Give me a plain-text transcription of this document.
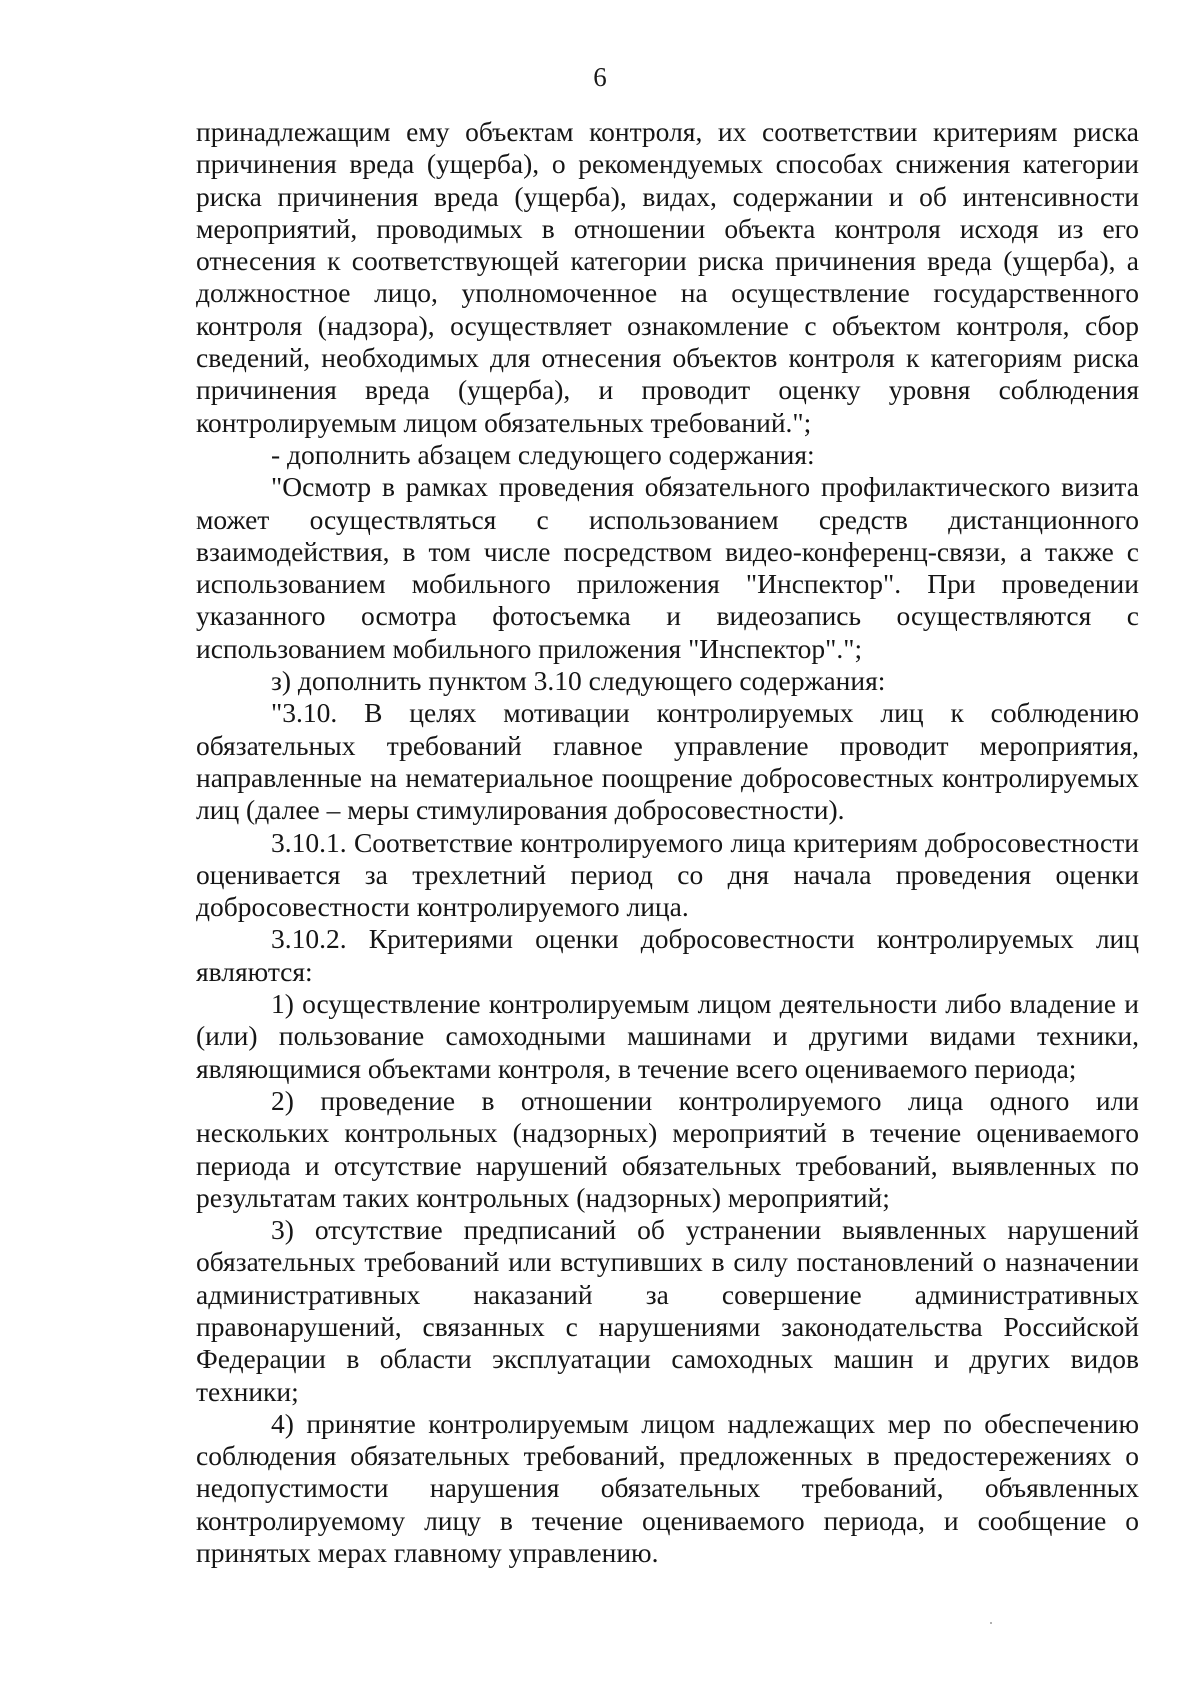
6

принадлежащим ему объектам контроля, их соответствии критериям риска причинения вреда (ущерба), о рекомендуемых способах снижения категории риска причинения вреда (ущерба), видах, содержании и об интенсивности мероприятий, проводимых в отношении объекта контроля исходя из его отнесения к соответствующей категории риска причинения вреда (ущерба), а должностное лицо, уполномоченное на осуществление государственного контроля (надзора), осуществляет ознакомление с объектом контроля, сбор сведений, необходимых для отнесения объектов контроля к категориям риска причинения вреда (ущерба), и проводит оценку уровня соблюдения контролируемым лицом обязательных требований.";

- дополнить абзацем следующего содержания:

"Осмотр в рамках проведения обязательного профилактического визита может осуществляться с использованием средств дистанционного взаимодействия, в том числе посредством видео-конференц-связи, а также с использованием мобильного приложения "Инспектор". При проведении указанного осмотра фотосъемка и видеозапись осуществляются с использованием мобильного приложения "Инспектор".";

з) дополнить пунктом 3.10 следующего содержания:

"3.10. В целях мотивации контролируемых лиц к соблюдению обязательных требований главное управление проводит мероприятия, направленные на нематериальное поощрение добросовестных контролируемых лиц (далее – меры стимулирования добросовестности).

3.10.1. Соответствие контролируемого лица критериям добросовестности оценивается за трехлетний период со дня начала проведения оценки добросовестности контролируемого лица.

3.10.2. Критериями оценки добросовестности контролируемых лиц являются:

1) осуществление контролируемым лицом деятельности либо владение и (или) пользование самоходными машинами и другими видами техники, являющимися объектами контроля, в течение всего оцениваемого периода;

2) проведение в отношении контролируемого лица одного или нескольких контрольных (надзорных) мероприятий в течение оцениваемого периода и отсутствие нарушений обязательных требований, выявленных по результатам таких контрольных (надзорных) мероприятий;

3) отсутствие предписаний об устранении выявленных нарушений обязательных требований или вступивших в силу постановлений о назначении административных наказаний за совершение административных правонарушений, связанных с нарушениями законодательства Российской Федерации в области эксплуатации самоходных машин и других видов техники;

4) принятие контролируемым лицом надлежащих мер по обеспечению соблюдения обязательных требований, предложенных в предостережениях о недопустимости нарушения обязательных требований, объявленных контролируемому лицу в течение оцениваемого периода, и сообщение о принятых мерах главному управлению.
